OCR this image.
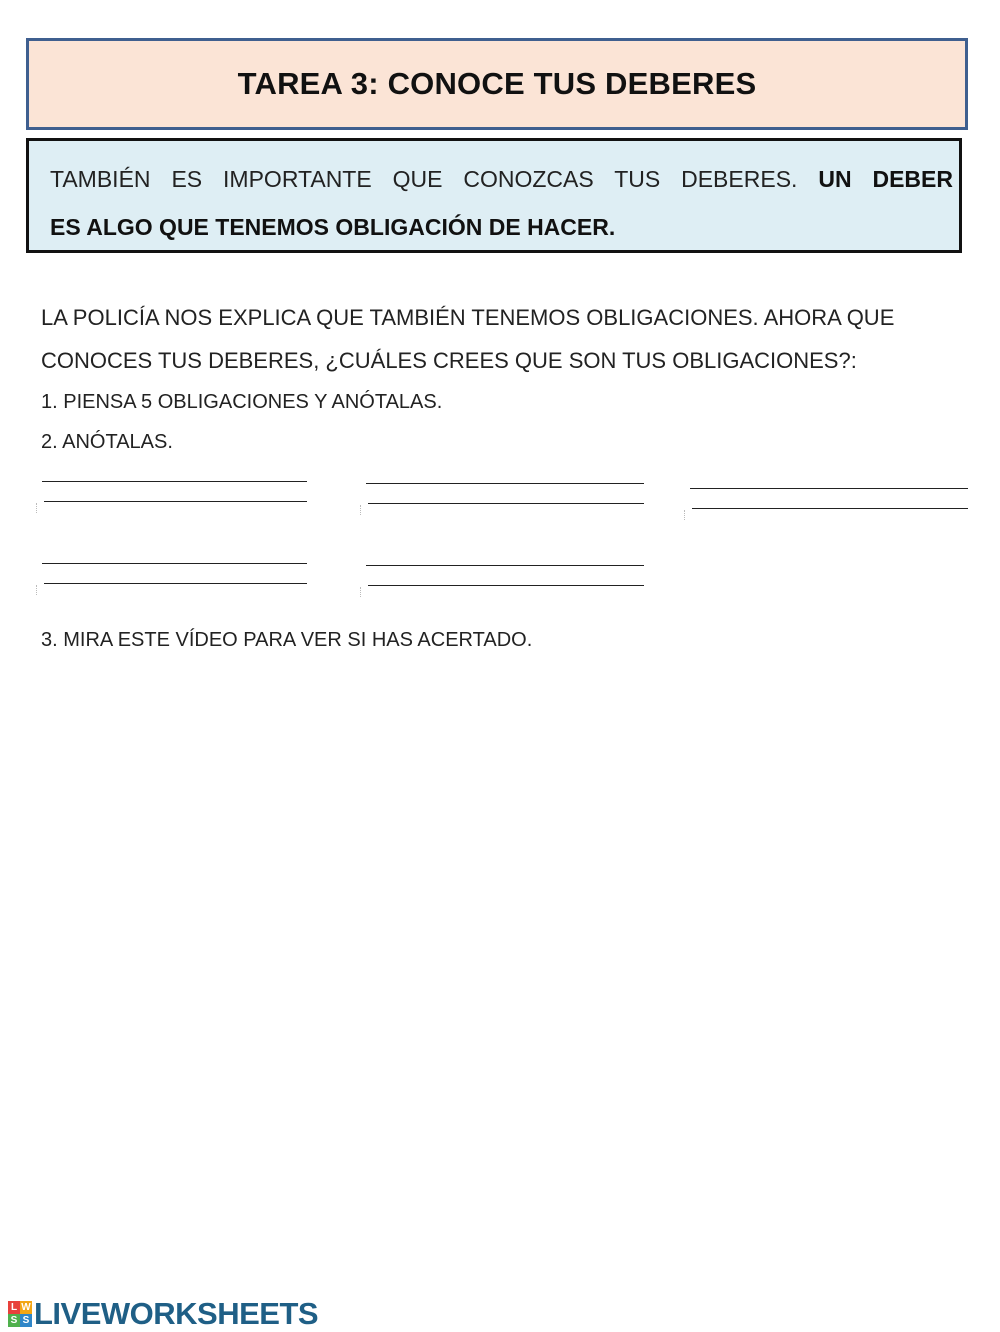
TAREA 3: CONOCE TUS DEBERES
TAMBIÉN ES IMPORTANTE QUE CONOZCAS TUS DEBERES. UN DEBER
ES ALGO QUE TENEMOS OBLIGACIÓN DE HACER.
LA POLICÍA NOS EXPLICA QUE TAMBIÉN TENEMOS OBLIGACIONES. AHORA QUE
CONOCES TUS DEBERES, ¿CUÁLES CREES QUE SON TUS OBLIGACIONES?:
1. PIENSA 5 OBLIGACIONES Y ANÓTALAS.
2. ANÓTALAS.
3. MIRA ESTE VÍDEO PARA VER SI HAS ACERTADO.
L W
S S LIVEWORKSHEETS
